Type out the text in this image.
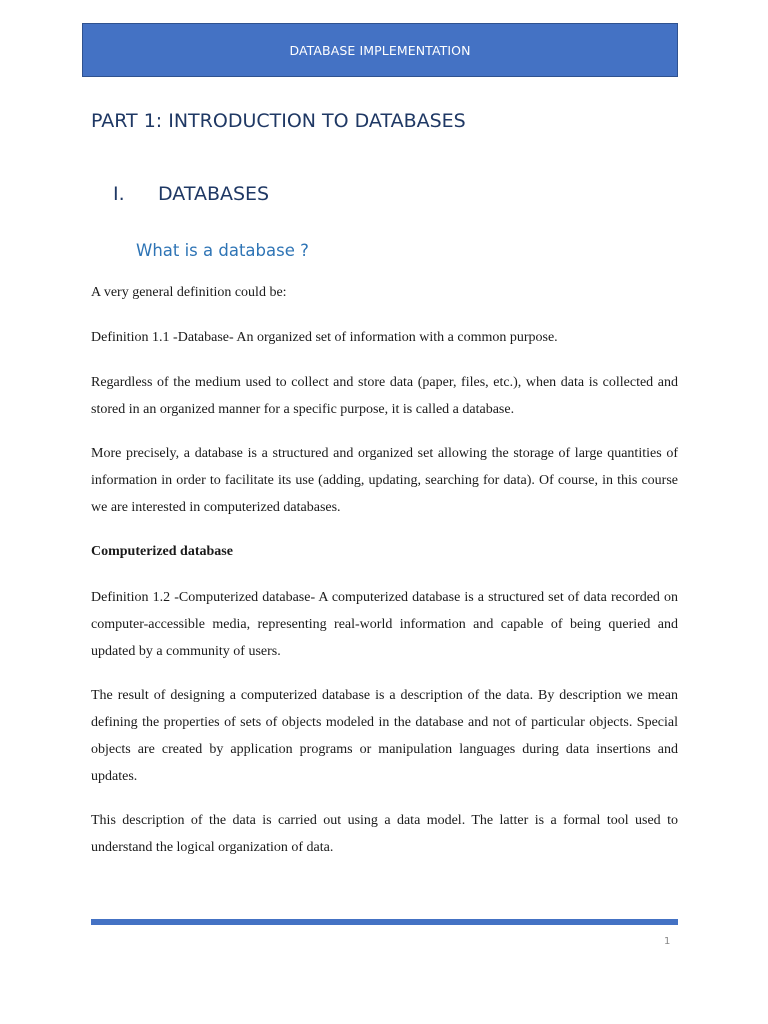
DATABASE IMPLEMENTATION
PART 1: INTRODUCTION TO DATABASES
I. DATABASES
What is a database ?

A very general definition could be:

Definition 1.1 -Database- An organized set of information with a common purpose.

Regardless of the medium used to collect and store data (paper, files, etc.), when data is collected and stored in an organized manner for a specific purpose, it is called a database.

More precisely, a database is a structured and organized set allowing the storage of large quantities of information in order to facilitate its use (adding, updating, searching for data). Of course, in this course we are interested in computerized databases.

Computerized database

Definition 1.2 -Computerized database- A computerized database is a structured set of data recorded on computer-accessible media, representing real-world information and capable of being queried and updated by a community of users.

The result of designing a computerized database is a description of the data. By description we mean defining the properties of sets of objects modeled in the database and not of particular objects. Special objects are created by application programs or manipulation languages during data insertions and updates.

This description of the data is carried out using a data model. The latter is a formal tool used to understand the logical organization of data.

1
